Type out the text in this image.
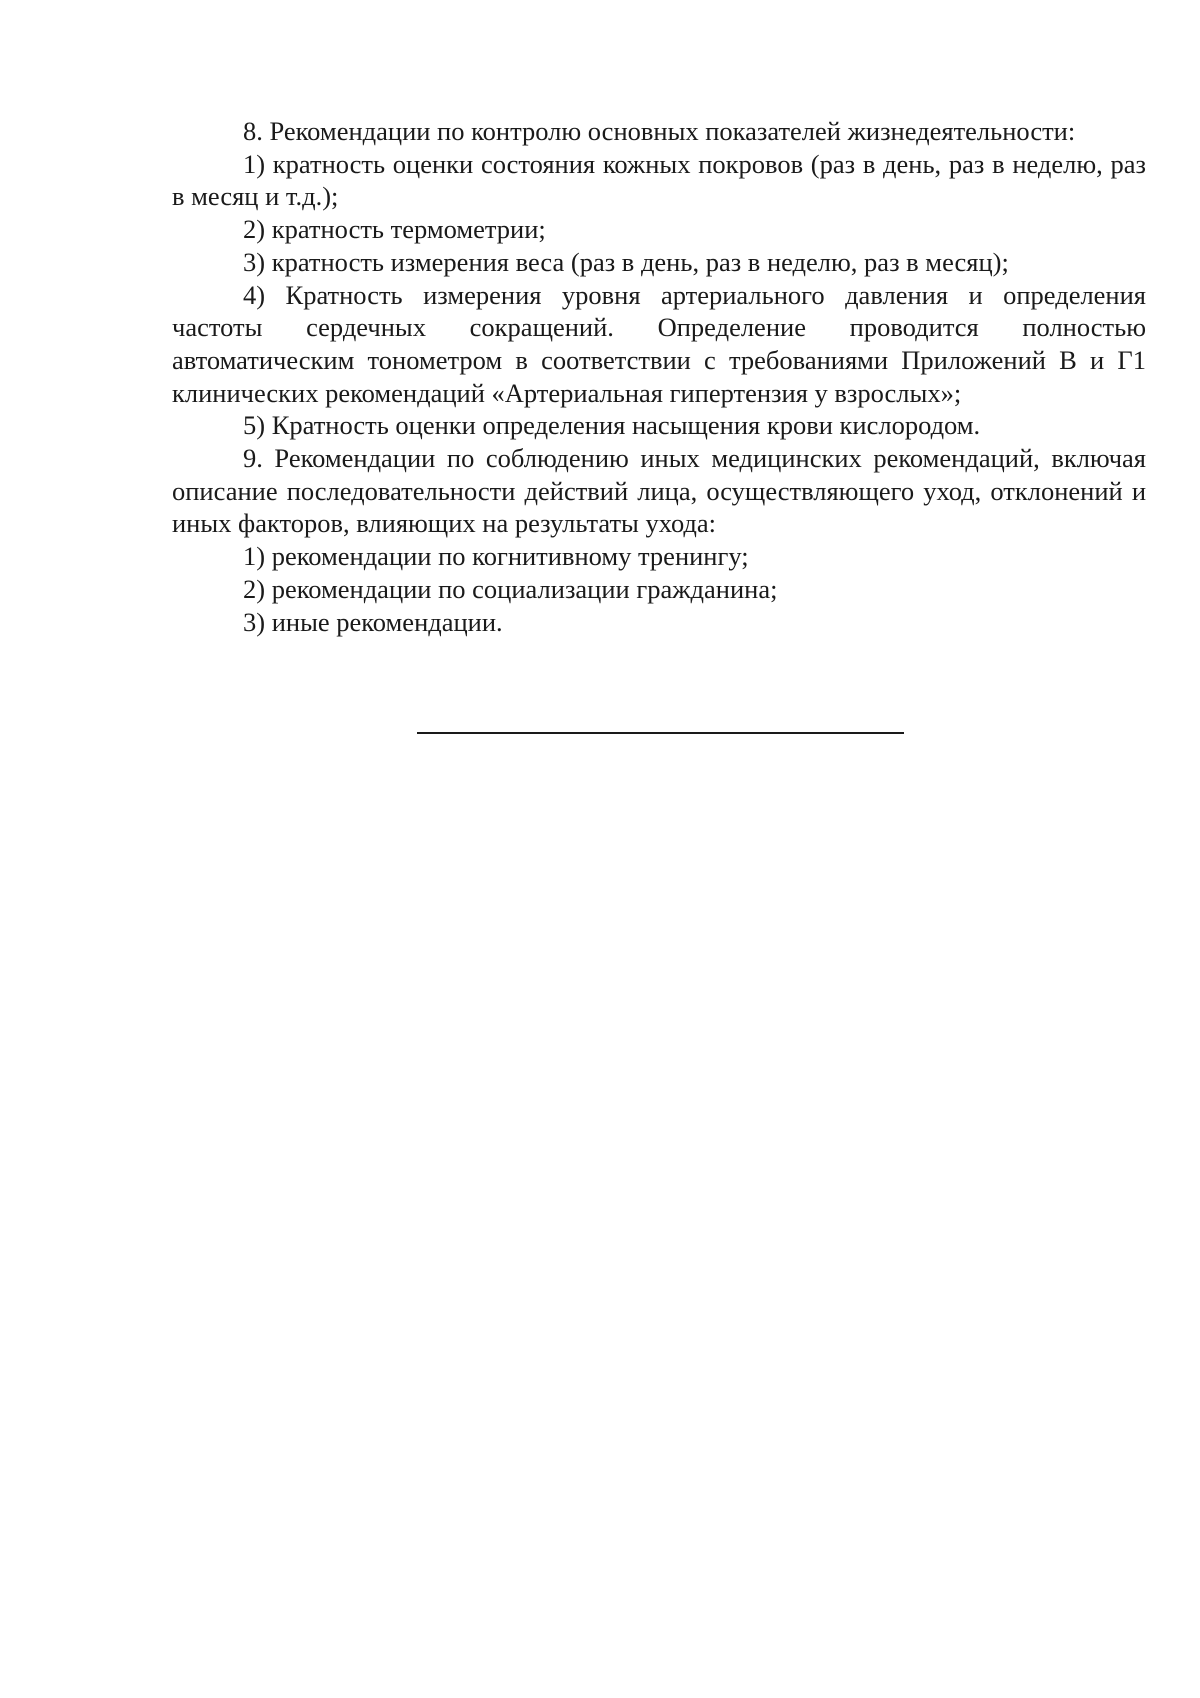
8. Рекомендации по контролю основных показателей жизнедеятельности:

1) кратность оценки состояния кожных покровов (раз в день, раз в неделю, раз в месяц и т.д.);

2) кратность термометрии;

3) кратность измерения веса (раз в день, раз в неделю, раз в месяц);

4) Кратность измерения уровня артериального давления и определения частоты сердечных сокращений. Определение проводится полностью автоматическим тонометром в соответствии с требованиями Приложений В и Г1 клинических рекомендаций «Артериальная гипертензия у взрослых»;

5) Кратность оценки определения насыщения крови кислородом.

9. Рекомендации по соблюдению иных медицинских рекомендаций, включая описание последовательности действий лица, осуществляющего уход, отклонений и иных факторов, влияющих на результаты ухода:

1) рекомендации по когнитивному тренингу;

2) рекомендации по социализации гражданина;

3) иные рекомендации.
